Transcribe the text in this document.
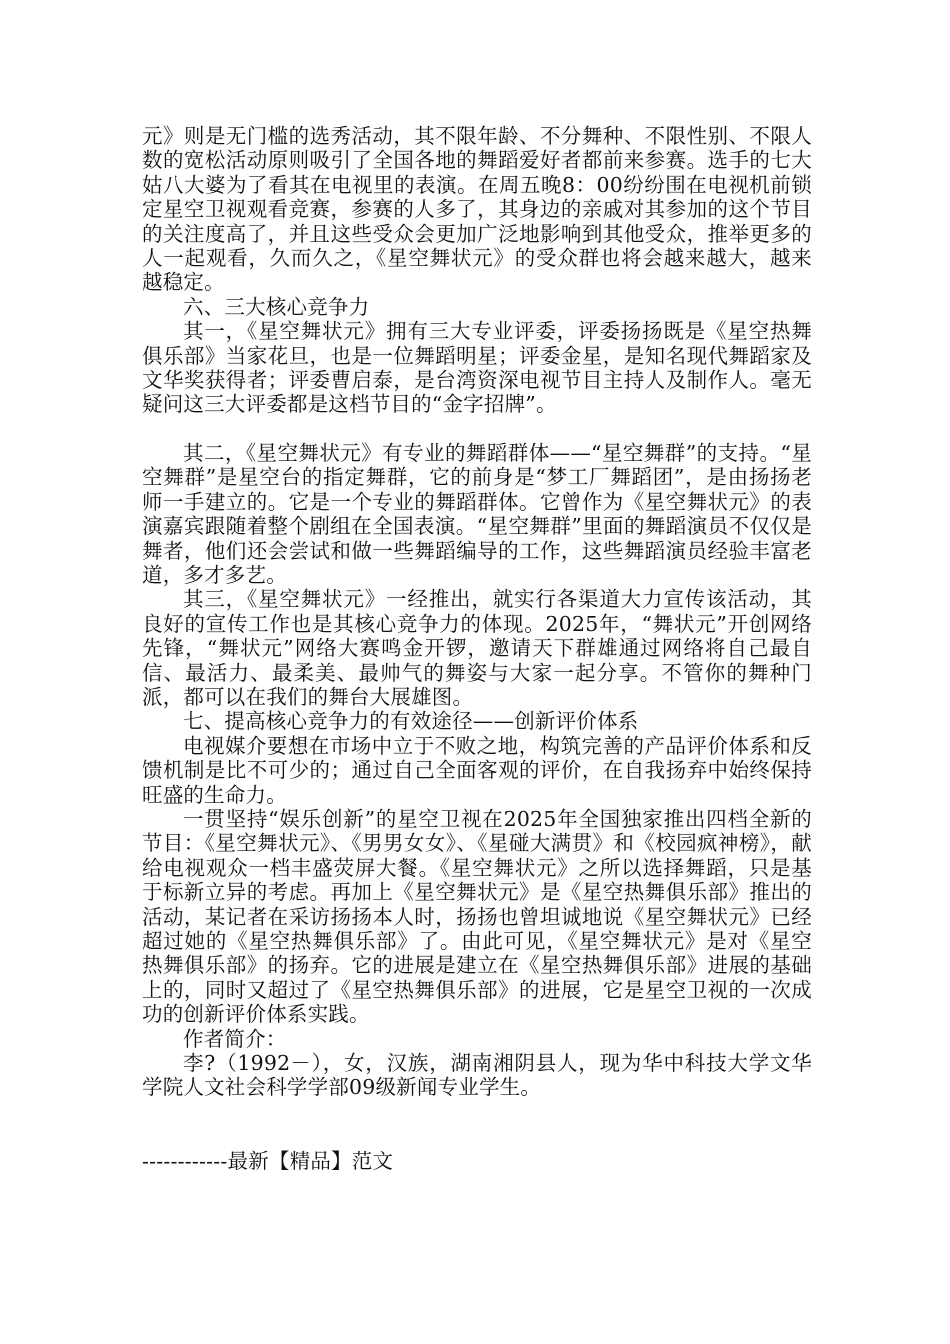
元》则是无门槛的选秀活动，其不限年龄、不分舞种、不限性别、不限人数的宽松活动原则吸引了全国各地的舞蹈爱好者都前来参赛。选手的七大姑八大婆为了看其在电视里的表演。在周五晚8：00纷纷围在电视机前锁定星空卫视观看竞赛，参赛的人多了，其身边的亲戚对其参加的这个节目的关注度高了，并且这些受众会更加广泛地影响到其他受众，推举更多的人一起观看，久而久之，《星空舞状元》的受众群也将会越来越大，越来越稳定。

六、三大核心竞争力

其一，《星空舞状元》拥有三大专业评委，评委扬扬既是《星空热舞俱乐部》当家花旦，也是一位舞蹈明星；评委金星，是知名现代舞蹈家及文华奖获得者；评委曹启泰，是台湾资深电视节目主持人及制作人。毫无疑问这三大评委都是这档节目的“金字招牌”。

其二，《星空舞状元》有专业的舞蹈群体——“星空舞群”的支持。“星空舞群”是星空台的指定舞群，它的前身是“梦工厂舞蹈团”，是由扬扬老师一手建立的。它是一个专业的舞蹈群体。它曾作为《星空舞状元》的表演嘉宾跟随着整个剧组在全国表演。“星空舞群”里面的舞蹈演员不仅仅是舞者，他们还会尝试和做一些舞蹈编导的工作，这些舞蹈演员经验丰富老道，多才多艺。

其三，《星空舞状元》一经推出，就实行各渠道大力宣传该活动，其良好的宣传工作也是其核心竞争力的体现。2025年，“舞状元”开创网络先锋，“舞状元”网络大赛鸣金开锣，邀请天下群雄通过网络将自己最自信、最活力、最柔美、最帅气的舞姿与大家一起分享。不管你的舞种门派，都可以在我们的舞台大展雄图。

七、提高核心竞争力的有效途径——创新评价体系

电视媒介要想在市场中立于不败之地，构筑完善的产品评价体系和反馈机制是比不可少的；通过自己全面客观的评价，在自我扬弃中始终保持旺盛的生命力。

一贯坚持“娱乐创新”的星空卫视在2025年全国独家推出四档全新的节目：《星空舞状元》、《男男女女》、《星碰大满贯》和《校园疯神榜》，献给电视观众一档丰盛荧屏大餐。《星空舞状元》之所以选择舞蹈，只是基于标新立异的考虑。再加上《星空舞状元》是《星空热舞俱乐部》推出的活动，某记者在采访扬扬本人时，扬扬也曾坦诚地说《星空舞状元》已经超过她的《星空热舞俱乐部》了。由此可见，《星空舞状元》是对《星空热舞俱乐部》的扬弃。它的进展是建立在《星空热舞俱乐部》进展的基础上的，同时又超过了《星空热舞俱乐部》的进展，它是星空卫视的一次成功的创新评价体系实践。

作者简介：

李?（1992－），女，汉族，湖南湘阴县人，现为华中科技大学文华学院人文社会科学学部09级新闻专业学生。

------------最新【精品】范文
